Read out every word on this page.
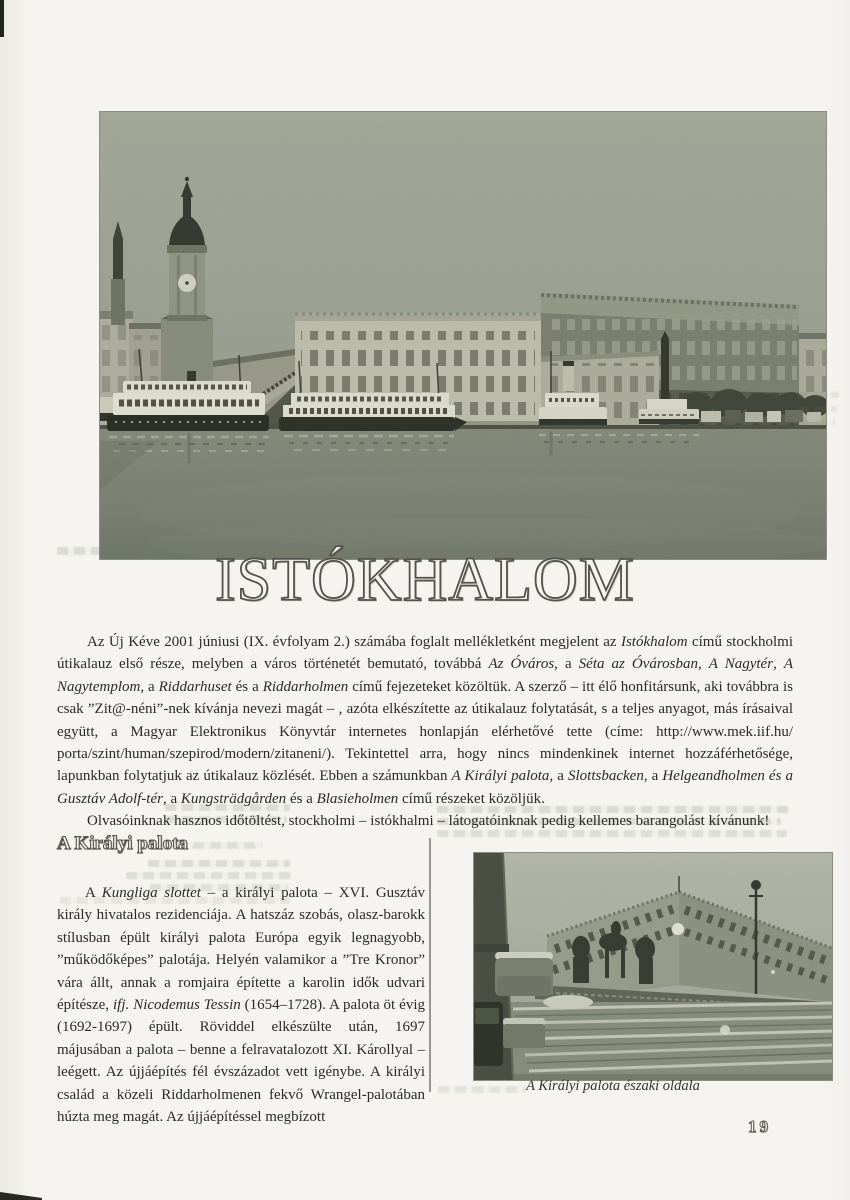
ISTÓKHALOM

Az Új Kéve 2001 júniusi (IX. évfolyam 2.) számába foglalt mellékletként megjelent az Istókhalom című stockholmi útikalauz első része, melyben a város történetét bemutató, továbbá Az Óváros, a Séta az Óvárosban, A Nagytér, A Nagytemplom, a Riddarhuset és a Riddarholmen című fejezeteket közöltük. A szerző – itt élő honfitársunk, aki továbbra is csak ”Zit@-néni”-nek kívánja nevezi magát – , azóta elkészítette az útikalauz folytatását, s a teljes anyagot, más írásaival együtt, a Magyar Elektronikus Könyvtár internetes honlapján elérhetővé tette (címe: http://www.mek.iif.hu/ porta/szint/human/szepirod/modern/zitaneni/). Tekintettel arra, hogy nincs mindenkinek internet hozzáférhetősége, lapunkban folytatjuk az útikalauz közlését. Ebben a számunkban A Királyi palota, a Slottsbacken, a Helgeandholmen és a Gusztáv Adolf-tér, a Kungsträdgården és a Blasieholmen című részeket közöljük.

Olvasóinknak hasznos időtöltést, stockholmi – istókhalmi – látogatóinknak pedig kellemes barangolást kívánunk!

A Királyi palota

A Kungliga slottet – a királyi palota – XVI. Gusztáv király hivatalos rezidenciája. A hatszáz szobás, olasz-barokk stílusban épült királyi palota Európa egyik legnagyobb, ”működőképes” palotája. Helyén valamikor a ”Tre Kronor” vára állt, annak a romjaira építette a karolin idők udvari építésze, ifj. Nicodemus Tessin (1654–1728). A palota öt évig (1692-1697) épült. Röviddel elkészülte után, 1697 májusában a palota – benne a felravatalozott XI. Károllyal – leégett. Az újjáépítés fél évszázadot vett igénybe. A királyi család a közeli Riddarholmenen fekvő Wrangel-palotában húzta meg magát. Az újjáépítéssel megbízott

A Királyi palota északi oldala
19
